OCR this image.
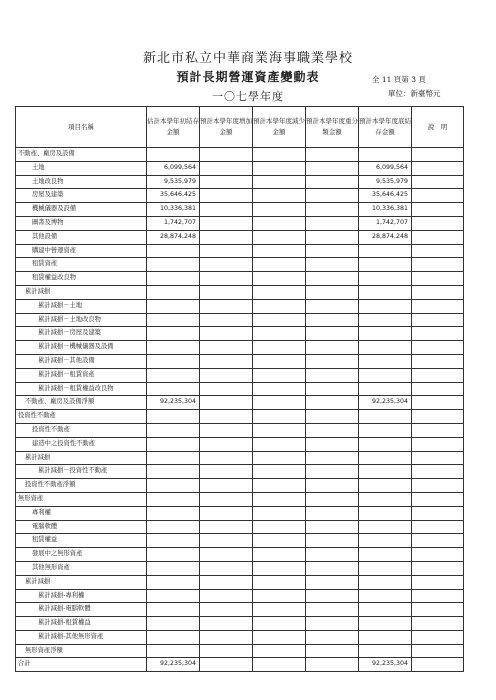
新北市私立中華商業海事職業學校
預計長期營運資產變動表	全 11 頁第 3 頁
一〇七學年度	單位：新臺幣元
項目名稱	估計本學年初結存金額	預計本學年度增加金額	預計本學年度減少金額	預計本學年度重分類金額	預計本學年度底結存金額	說　明
不動產、廠房及設備						
土地	6,099,564				6,099,564	
土地改良物	9,535,979				9,535,979	
房屋及建築	35,646,425				35,646,425	
機械儀器及設備	10,336,381				10,336,381	
圖書及博物	1,742,707				1,742,707	
其他設備	28,874,248				28,874,248	
購建中營運資產						
租賃資產						
租賃權益改良物						
累計減損						
累計減損－土地						
累計減損－土地改良物						
累計減損－房屋及建築						
累計減損－機械儀器及設備						
累計減損－其他設備						
累計減損－租賃資產						
累計減損－租賃權益改良物						
不動產、廠房及設備淨額	92,235,304				92,235,304	
投資性不動產						
投資性不動產						
建造中之投資性不動產						
累計減損						
累計減損－投資性不動產						
投資性不動產淨額						
無形資產						
專利權						
電腦軟體						
租賃權益						
發展中之無形資產						
其他無形資產						
累計減損						
累計減損-專利權						
累計減損-電腦軟體						
累計減損-租賃權益						
累計減損-其他無形資產						
無形資產淨額						
合計	92,235,304				92,235,304	
